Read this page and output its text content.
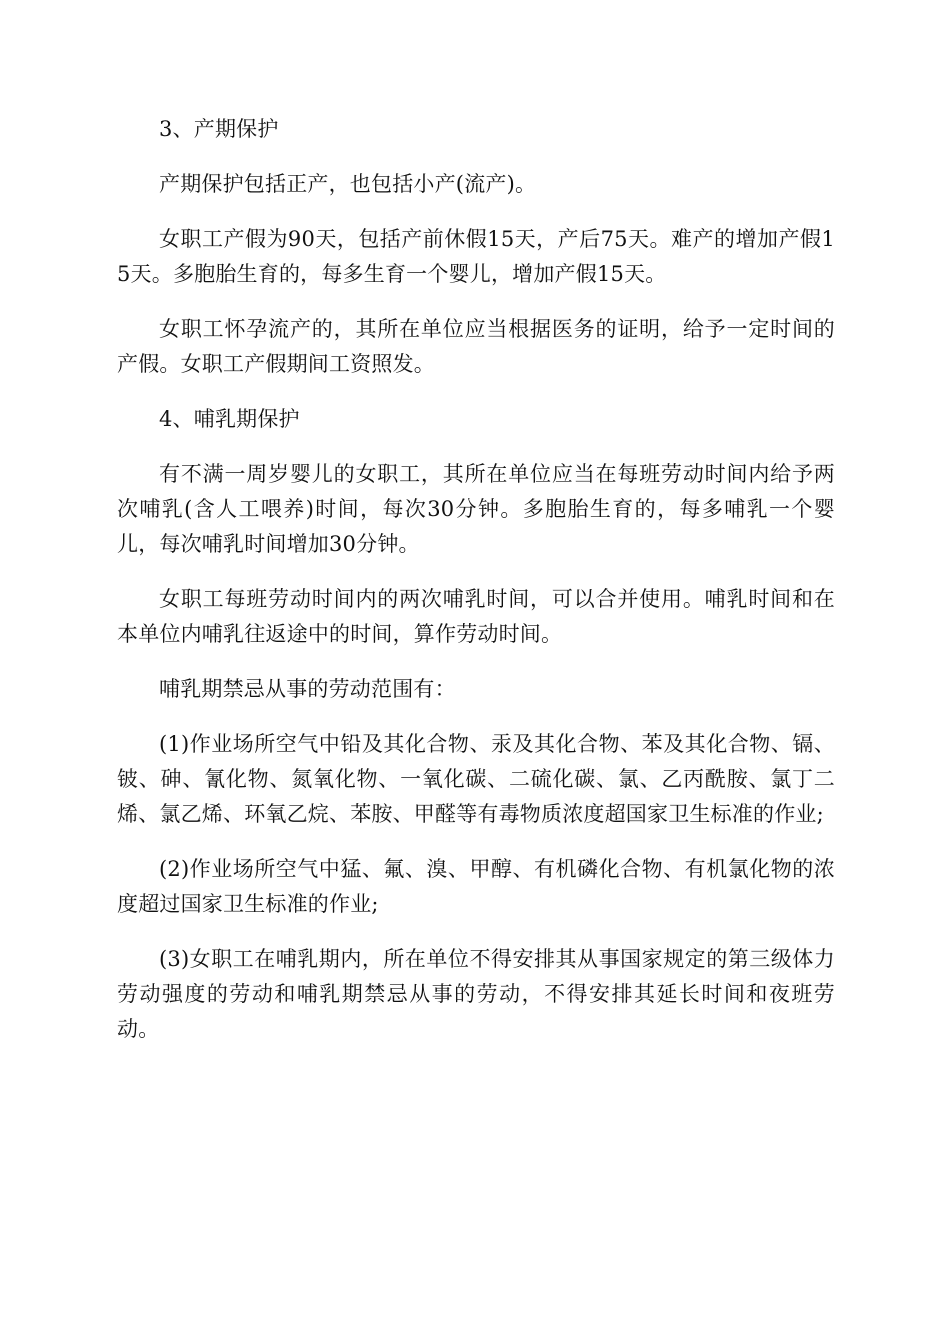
3、产期保护

产期保护包括正产，也包括小产(流产)。

女职工产假为90天，包括产前休假15天，产后75天。难产的增加产假15天。多胞胎生育的，每多生育一个婴儿，增加产假15天。

女职工怀孕流产的，其所在单位应当根据医务的证明，给予一定时间的产假。女职工产假期间工资照发。

4、哺乳期保护

有不满一周岁婴儿的女职工，其所在单位应当在每班劳动时间内给予两次哺乳(含人工喂养)时间，每次30分钟。多胞胎生育的，每多哺乳一个婴儿，每次哺乳时间增加30分钟。

女职工每班劳动时间内的两次哺乳时间，可以合并使用。哺乳时间和在本单位内哺乳往返途中的时间，算作劳动时间。

哺乳期禁忌从事的劳动范围有：

(1)作业场所空气中铅及其化合物、汞及其化合物、苯及其化合物、镉、铍、砷、氰化物、氮氧化物、一氧化碳、二硫化碳、氯、乙丙酰胺、氯丁二烯、氯乙烯、环氧乙烷、苯胺、甲醛等有毒物质浓度超国家卫生标准的作业;

(2)作业场所空气中猛、氟、溴、甲醇、有机磷化合物、有机氯化物的浓度超过国家卫生标准的作业;

(3)女职工在哺乳期内，所在单位不得安排其从事国家规定的第三级体力劳动强度的劳动和哺乳期禁忌从事的劳动，不得安排其延长时间和夜班劳动。
